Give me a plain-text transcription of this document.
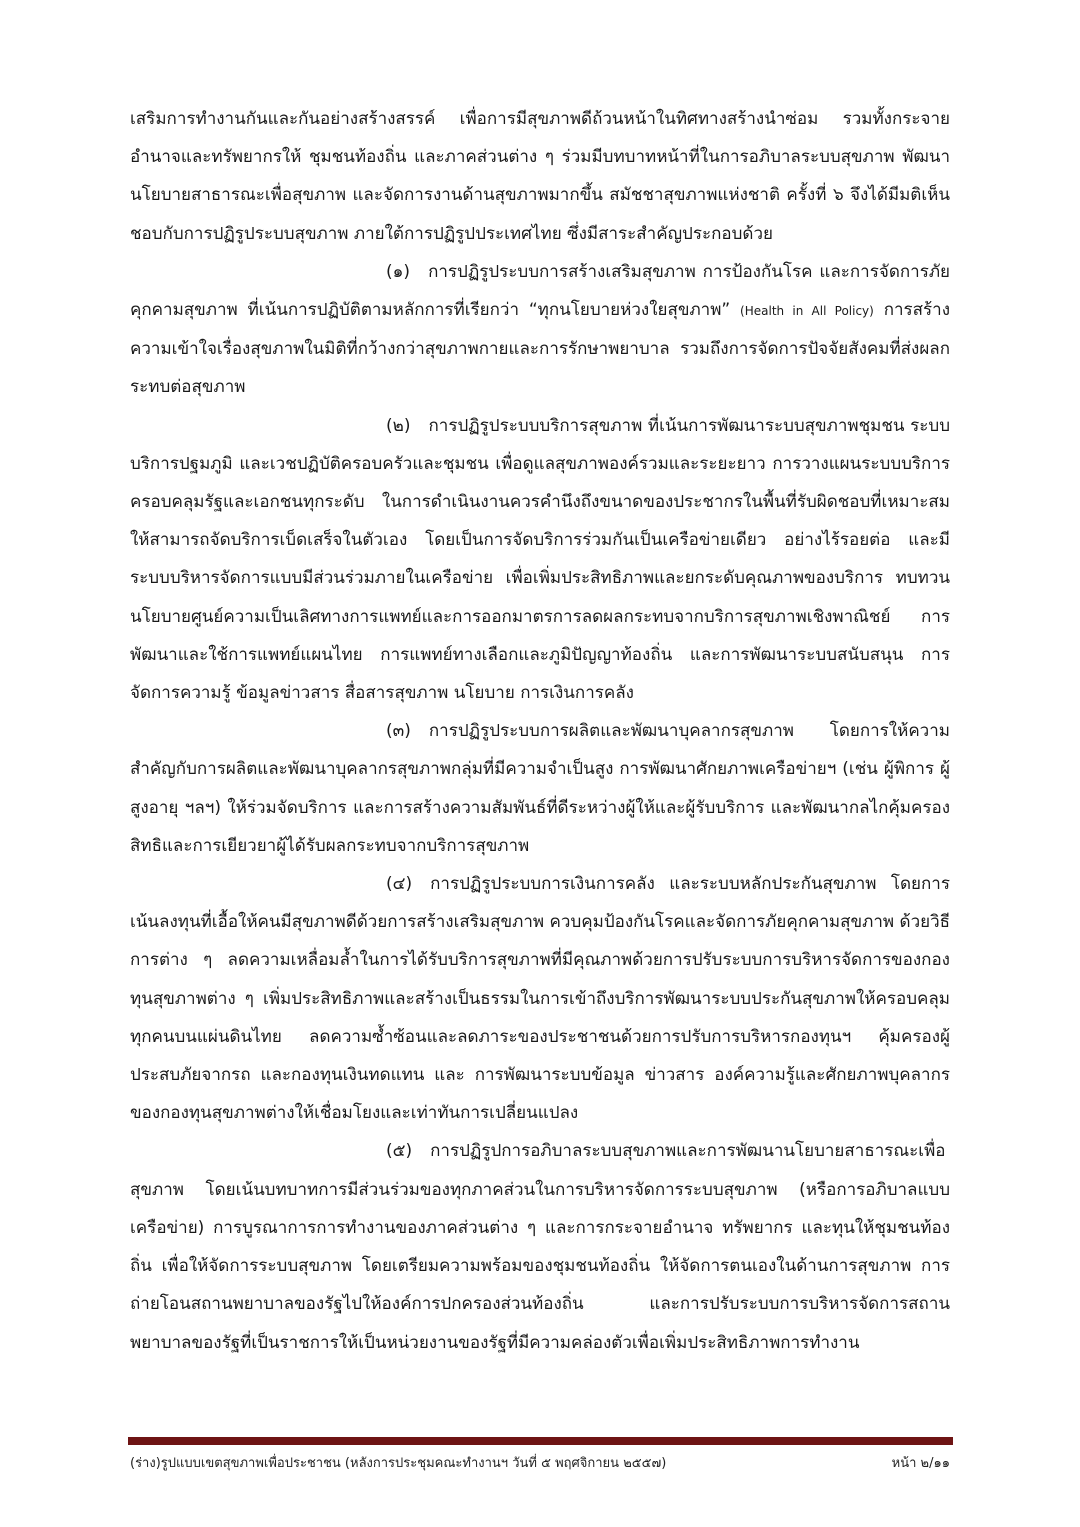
เสริมการทำงานกันและกันอย่างสร้างสรรค์ เพื่อการมีสุขภาพดีถ้วนหน้าในทิศทางสร้างนำซ่อม รวมทั้งกระจายอำนาจและทรัพยากรให้ ชุมชนท้องถิ่น และภาคส่วนต่าง ๆ ร่วมมีบทบาทหน้าที่ในการอภิบาลระบบสุขภาพ พัฒนานโยบายสาธารณะเพื่อสุขภาพ และจัดการงานด้านสุขภาพมากขึ้น สมัชชาสุขภาพแห่งชาติ ครั้งที่ ๖ จึงได้มีมติเห็นชอบกับการปฏิรูประบบสุขภาพ ภายใต้การปฏิรูปประเทศไทย ซึ่งมีสาระสำคัญประกอบด้วย

(๑) การปฏิรูประบบการสร้างเสริมสุขภาพ การป้องกันโรค และการจัดการภัยคุกคามสุขภาพ ที่เน้นการปฏิบัติตามหลักการที่เรียกว่า “ทุกนโยบายห่วงใยสุขภาพ” (Health in All Policy) การสร้างความเข้าใจเรื่องสุขภาพในมิติที่กว้างกว่าสุขภาพกายและการรักษาพยาบาล รวมถึงการจัดการปัจจัยสังคมที่ส่งผลกระทบต่อสุขภาพ

(๒) การปฏิรูประบบบริการสุขภาพ ที่เน้นการพัฒนาระบบสุขภาพชุมชน ระบบบริการปฐมภูมิ และเวชปฏิบัติครอบครัวและชุมชน เพื่อดูแลสุขภาพองค์รวมและระยะยาว การวางแผนระบบบริการครอบคลุมรัฐและเอกชนทุกระดับ ในการดำเนินงานควรคำนึงถึงขนาดของประชากรในพื้นที่รับผิดชอบที่เหมาะสม ให้สามารถจัดบริการเบ็ดเสร็จในตัวเอง โดยเป็นการจัดบริการร่วมกันเป็นเครือข่ายเดียว อย่างไร้รอยต่อ และมีระบบบริหารจัดการแบบมีส่วนร่วมภายในเครือข่าย เพื่อเพิ่มประสิทธิภาพและยกระดับคุณภาพของบริการ ทบทวนนโยบายศูนย์ความเป็นเลิศทางการแพทย์และการออกมาตรการลดผลกระทบจากบริการสุขภาพเชิงพาณิชย์ การพัฒนาและใช้การแพทย์แผนไทย การแพทย์ทางเลือกและภูมิปัญญาท้องถิ่น และการพัฒนาระบบสนับสนุน การจัดการความรู้ ข้อมูลข่าวสาร สื่อสารสุขภาพ นโยบาย การเงินการคลัง

(๓) การปฏิรูประบบการผลิตและพัฒนาบุคลากรสุขภาพ โดยการให้ความสำคัญกับการผลิตและพัฒนาบุคลากรสุขภาพกลุ่มที่มีความจำเป็นสูง การพัฒนาศักยภาพเครือข่ายฯ (เช่น ผู้พิการ ผู้สูงอายุ ฯลฯ) ให้ร่วมจัดบริการ และการสร้างความสัมพันธ์ที่ดีระหว่างผู้ให้และผู้รับบริการ และพัฒนากลไกคุ้มครองสิทธิและการเยียวยาผู้ได้รับผลกระทบจากบริการสุขภาพ

(๔) การปฏิรูประบบการเงินการคลัง และระบบหลักประกันสุขภาพ โดยการเน้นลงทุนที่เอื้อให้คนมีสุขภาพดีด้วยการสร้างเสริมสุขภาพ ควบคุมป้องกันโรคและจัดการภัยคุกคามสุขภาพ ด้วยวิธีการต่าง ๆ ลดความเหลื่อมล้ำในการได้รับบริการสุขภาพที่มีคุณภาพด้วยการปรับระบบการบริหารจัดการของกองทุนสุขภาพต่าง ๆ เพิ่มประสิทธิภาพและสร้างเป็นธรรมในการเข้าถึงบริการพัฒนาระบบประกันสุขภาพให้ครอบคลุมทุกคนบนแผ่นดินไทย ลดความซ้ำซ้อนและลดภาระของประชาชนด้วยการปรับการบริหารกองทุนฯ คุ้มครองผู้ประสบภัยจากรถ และกองทุนเงินทดแทน และ การพัฒนาระบบข้อมูล ข่าวสาร องค์ความรู้และศักยภาพบุคลากรของกองทุนสุขภาพต่างให้เชื่อมโยงและเท่าทันการเปลี่ยนแปลง

(๕) การปฏิรูปการอภิบาลระบบสุขภาพและการพัฒนานโยบายสาธารณะเพื่อสุขภาพ โดยเน้นบทบาทการมีส่วนร่วมของทุกภาคส่วนในการบริหารจัดการระบบสุขภาพ (หรือการอภิบาลแบบเครือข่าย) การบูรณาการการทำงานของภาคส่วนต่าง ๆ และการกระจายอำนาจ ทรัพยากร และทุนให้ชุมชนท้องถิ่น เพื่อให้จัดการระบบสุขภาพ โดยเตรียมความพร้อมของชุมชนท้องถิ่น ให้จัดการตนเองในด้านการสุขภาพ การถ่ายโอนสถานพยาบาลของรัฐไปให้องค์การปกครองส่วนท้องถิ่น และการปรับระบบการบริหารจัดการสถานพยาบาลของรัฐที่เป็นราชการให้เป็นหน่วยงานของรัฐที่มีความคล่องตัวเพื่อเพิ่มประสิทธิภาพการทำงาน

(ร่าง)รูปแบบเขตสุขภาพเพื่อประชาชน (หลังการประชุมคณะทำงานฯ วันที่ ๕ พฤศจิกายน ๒๕๕๗)	หน้า ๒/๑๑
